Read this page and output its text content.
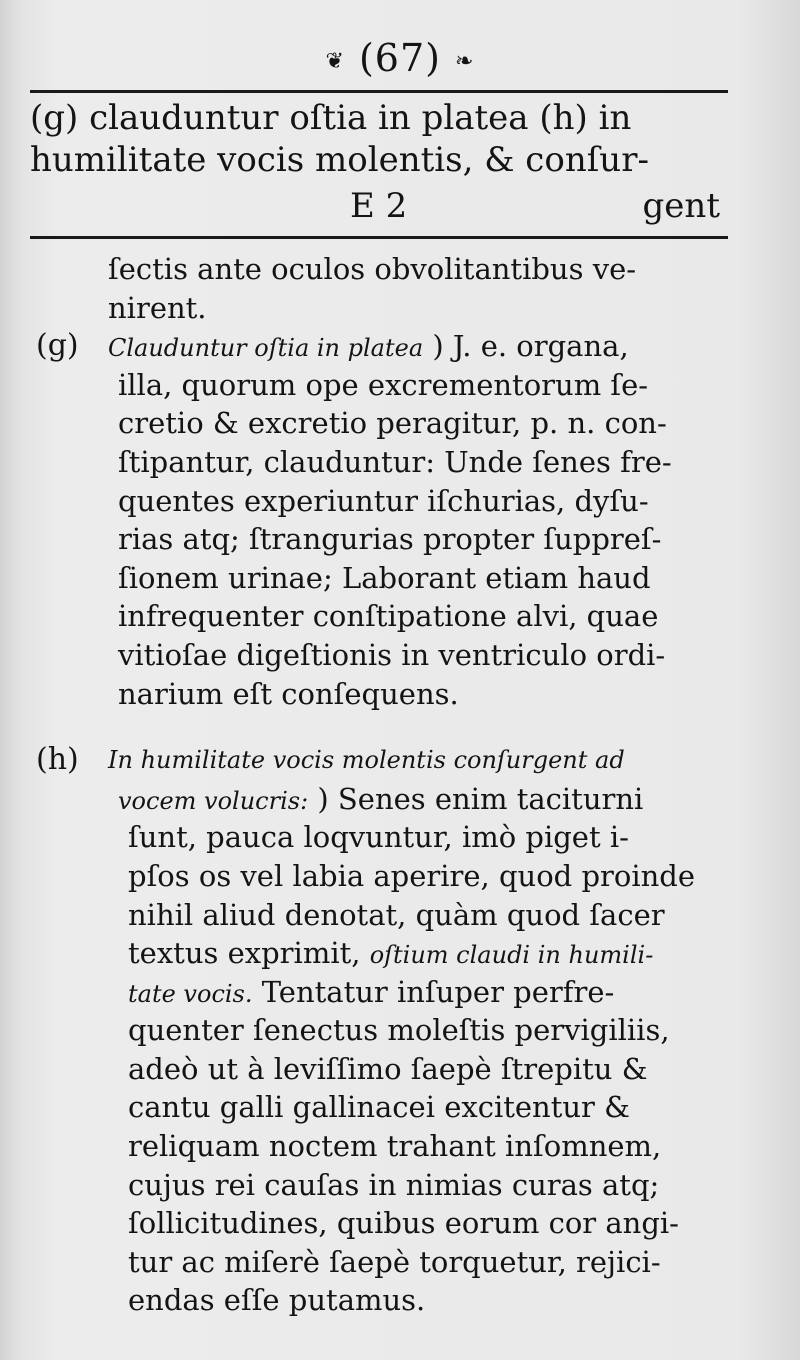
❦ (67) ❧
(g) clauduntur oſtia in platea (h) in
humilitate vocis molentis, & conſur-
E 2	gent
ſectis ante oculos obvolitantibus ve-
nirent.
(g) Clauduntur oſtia in platea ) J. e. organa,
illa, quorum ope excrementorum ſe-
cretio & excretio peragitur, p. n. con-
ſtipantur, clauduntur: Unde ſenes fre-
quentes experiuntur iſchurias, dyſu-
rias atq; ſtrangurias propter ſuppreſ-
ſionem urinae; Laborant etiam haud
infrequenter conſtipatione alvi, quae
vitioſae digeſtionis in ventriculo ordi-
narium eſt conſequens.
(h) In humilitate vocis molentis conſurgent ad
vocem volucris: ) Senes enim taciturni
ſunt, pauca loqvuntur, imò piget i-
pſos os vel labia aperire, quod proinde
nihil aliud denotat, quàm quod ſacer
textus exprimit, oſtium claudi in humili-
tate vocis. Tentatur inſuper perfre-
quenter ſenectus moleſtis pervigiliis,
adeò ut à leviſſimo ſaepè ſtrepitu &
cantu galli gallinacei excitentur &
reliquam noctem trahant inſomnem,
cujus rei cauſas in nimias curas atq;
ſollicitudines, quibus eorum cor angi-
tur ac miſerè ſaepè torquetur, rejici-
endas eſſe putamus.
